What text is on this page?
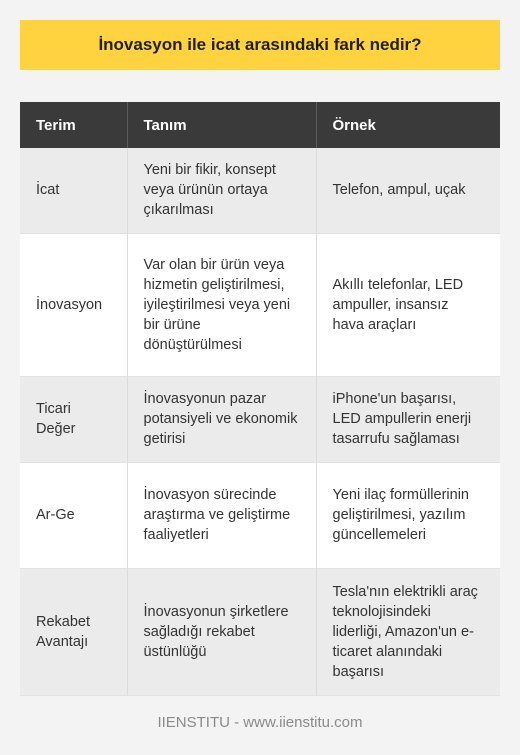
İnovasyon ile icat arasındaki fark nedir?
Terim	Tanım	Örnek
İcat	Yeni bir fikir, konsept veya ürünün ortaya çıkarılması	Telefon, ampul, uçak
İnovasyon	Var olan bir ürün veya hizmetin geliştirilmesi, iyileştirilmesi veya yeni bir ürüne dönüştürülmesi	Akıllı telefonlar, LED ampuller, insansız hava araçları
Ticari Değer	İnovasyonun pazar potansiyeli ve ekonomik getirisi	iPhone'un başarısı, LED ampullerin enerji tasarrufu sağlaması
Ar-Ge	İnovasyon sürecinde araştırma ve geliştirme faaliyetleri	Yeni ilaç formüllerinin geliştirilmesi, yazılım güncellemeleri
Rekabet Avantajı	İnovasyonun şirketlere sağladığı rekabet üstünlüğü	Tesla'nın elektrikli araç teknolojisindeki liderliği, Amazon'un e-ticaret alanındaki başarısı
IIENSTITU - www.iienstitu.com
